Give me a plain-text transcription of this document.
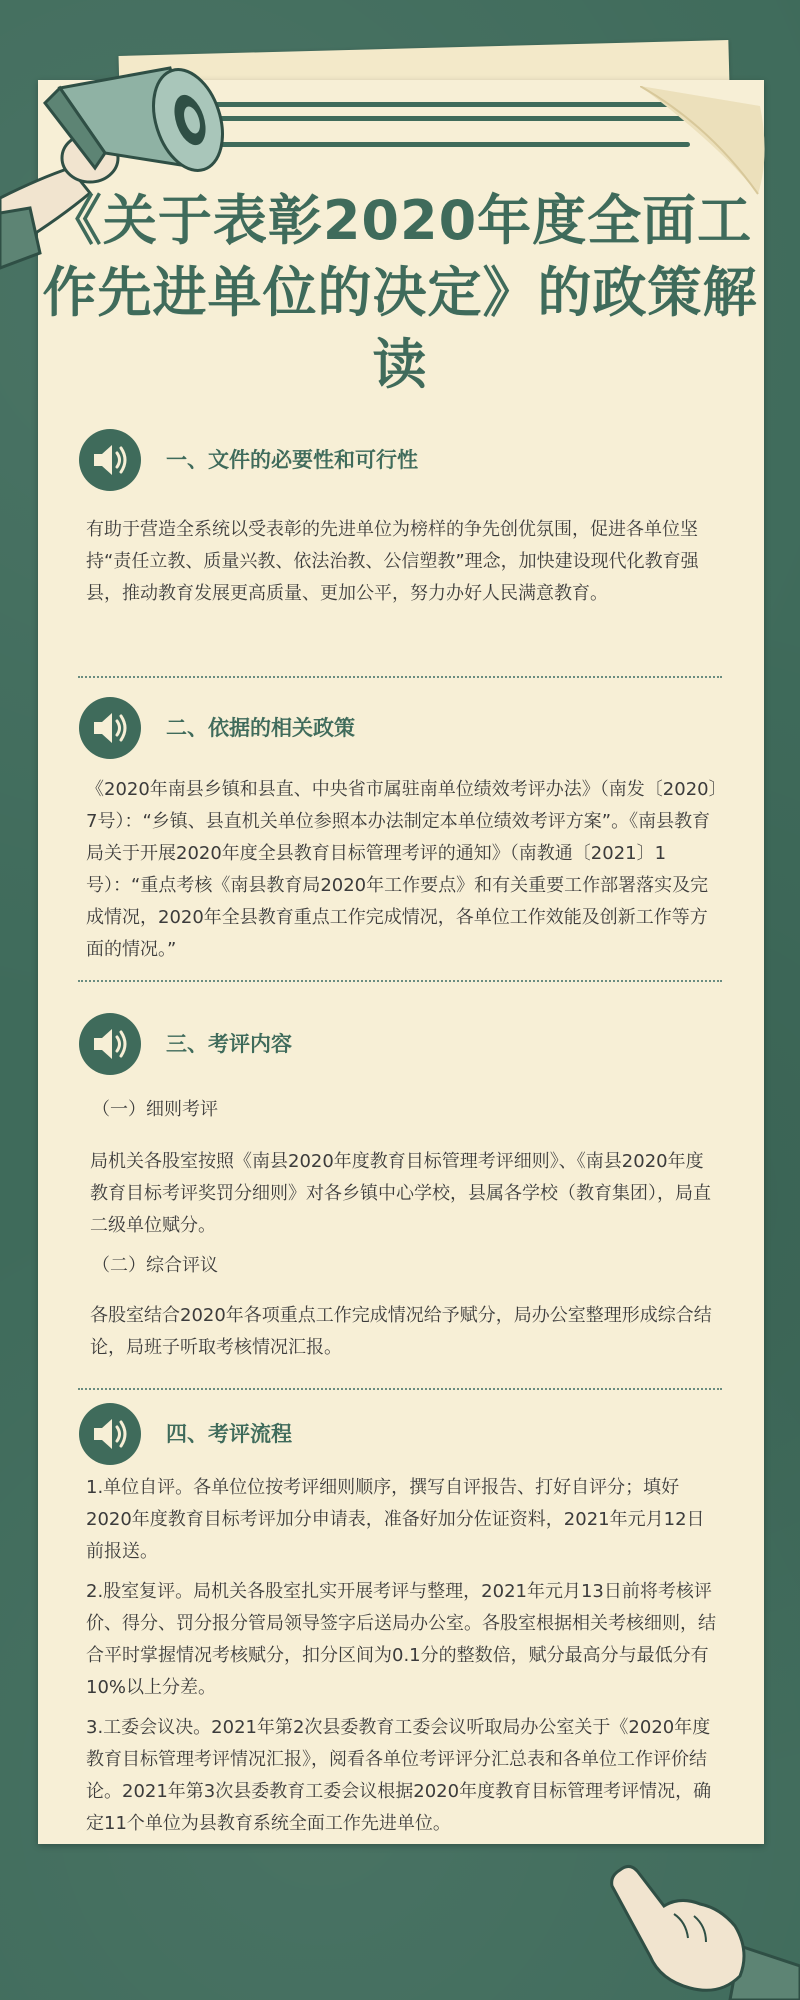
《关于表彰2020年度全面工作先进单位的决定》的政策解读
一、文件的必要性和可行性
有助于营造全系统以受表彰的先进单位为榜样的争先创优氛围，促进各单位坚持“责任立教、质量兴教、依法治教、公信塑教”理念，加快建设现代化教育强县，推动教育发展更高质量、更加公平，努力办好人民满意教育。
二、依据的相关政策
《2020年南县乡镇和县直、中央省市属驻南单位绩效考评办法》（南发〔2020〕7号）：“乡镇、县直机关单位参照本办法制定本单位绩效考评方案”。《南县教育局关于开展2020年度全县教育目标管理考评的通知》（南教通〔2021〕1号）：“重点考核《南县教育局2020年工作要点》和有关重要工作部署落实及完成情况，2020年全县教育重点工作完成情况，各单位工作效能及创新工作等方面的情况。”
三、考评内容
（一）细则考评
局机关各股室按照《南县2020年度教育目标管理考评细则》、《南县2020年度教育目标考评奖罚分细则》对各乡镇中心学校，县属各学校（教育集团），局直二级单位赋分。
（二）综合评议
各股室结合2020年各项重点工作完成情况给予赋分，局办公室整理形成综合结论，局班子听取考核情况汇报。
四、考评流程
1.单位自评。各单位位按考评细则顺序，撰写自评报告、打好自评分；填好2020年度教育目标考评加分申请表，准备好加分佐证资料，2021年元月12日前报送。
2.股室复评。局机关各股室扎实开展考评与整理，2021年元月13日前将考核评价、得分、罚分报分管局领导签字后送局办公室。各股室根据相关考核细则，结合平时掌握情况考核赋分，扣分区间为0.1分的整数倍，赋分最高分与最低分有10%以上分差。
3.工委会议决。2021年第2次县委教育工委会议听取局办公室关于《2020年度教育目标管理考评情况汇报》，阅看各单位考评评分汇总表和各单位工作评价结论。2021年第3次县委教育工委会议根据2020年度教育目标管理考评情况，确定11个单位为县教育系统全面工作先进单位。
